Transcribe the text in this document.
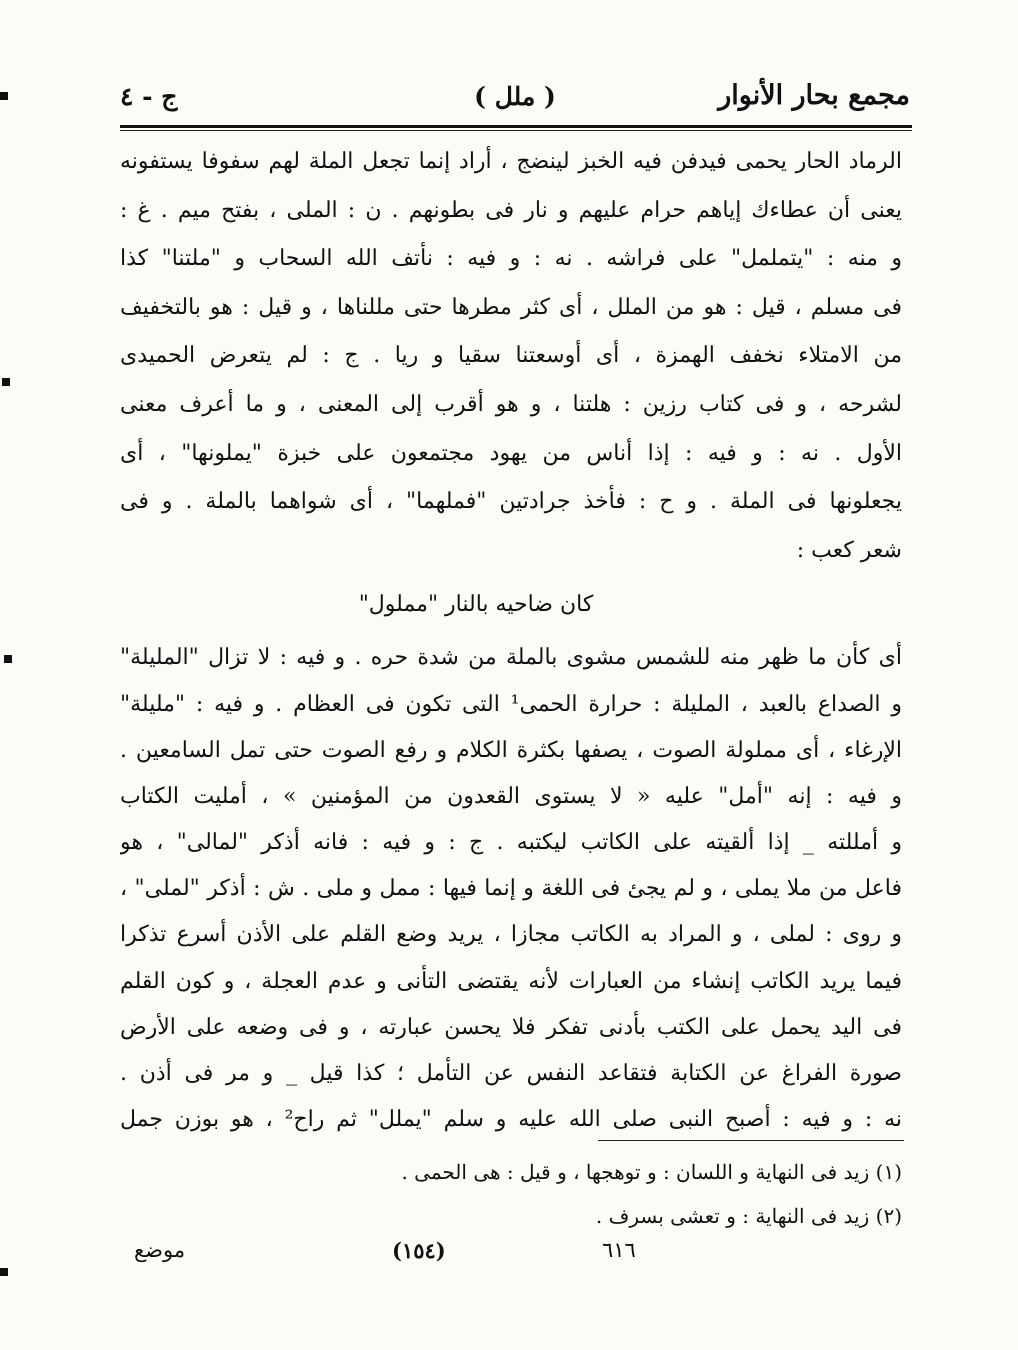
ج - ٤	( ملل )	مجمع بحار الأنوار
الرماد الحار يحمى فيدفن فيه الخبز لينضج ، أراد إنما تجعل الملة لهم سفوفا يستفونه
يعنى أن عطاءك إياهم حرام عليهم و نار فى بطونهم . ن : الملى ، بفتح ميم . غ :
و منه : "يتململ" على فراشه . نه : و فيه : نأتف الله السحاب و "ملتنا" كذا
فى مسلم ، قيل : هو من الملل ، أى كثر مطرها حتى مللناها ، و قيل : هو بالتخفيف
من الامتلاء نخفف الهمزة ، أى أوسعتنا سقيا و ريا . ج : لم يتعرض الحميدى
لشرحه ، و فى كتاب رزين : هلتنا ، و هو أقرب إلى المعنى ، و ما أعرف معنى
الأول . نه : و فيه : إذا أناس من يهود مجتمعون على خبزة "يملونها" ، أى
يجعلونها فى الملة . و ح : فأخذ جرادتين "فملهما" ، أى شواهما بالملة . و فى
شعر كعب :
كان ضاحيه بالنار "مملول"
أى كأن ما ظهر منه للشمس مشوى بالملة من شدة حره . و فيه : لا تزال "المليلة"
و الصداع بالعبد ، المليلة : حرارة الحمى¹ التى تكون فى العظام . و فيه : "مليلة"
الإرغاء ، أى مملولة الصوت ، يصفها بكثرة الكلام و رفع الصوت حتى تمل السامعين .
و فيه : إنه "أمل" عليه « لا يستوى القعدون من المؤمنين » ، أمليت الكتاب
و أمللته _ إذا ألقيته على الكاتب ليكتبه . ج : و فيه : فانه أذكر "لمالى" ، هو
فاعل من ملا يملى ، و لم يجئ فى اللغة و إنما فيها : ممل و ملى . ش : أذكر "لملى" ،
و روى : لملى ، و المراد به الكاتب مجازا ، يريد وضع القلم على الأذن أسرع تذكرا
فيما يريد الكاتب إنشاء من العبارات لأنه يقتضى التأنى و عدم العجلة ، و كون القلم
فى اليد يحمل على الكتب بأدنى تفكر فلا يحسن عبارته ، و فى وضعه على الأرض
صورة الفراغ عن الكتابة فتقاعد النفس عن التأمل ؛ كذا قيل _ و مر فى أذن .
نه : و فيه : أصبح النبى صلى الله عليه و سلم "يملل" ثم راح² ، هو بوزن جمل
(١) زيد فى النهاية و اللسان : و توهجها ، و قيل : هى الحمى .
(٢) زيد فى النهاية : و تعشى بسرف .
موضع	(١٥٤)	٦١٦
